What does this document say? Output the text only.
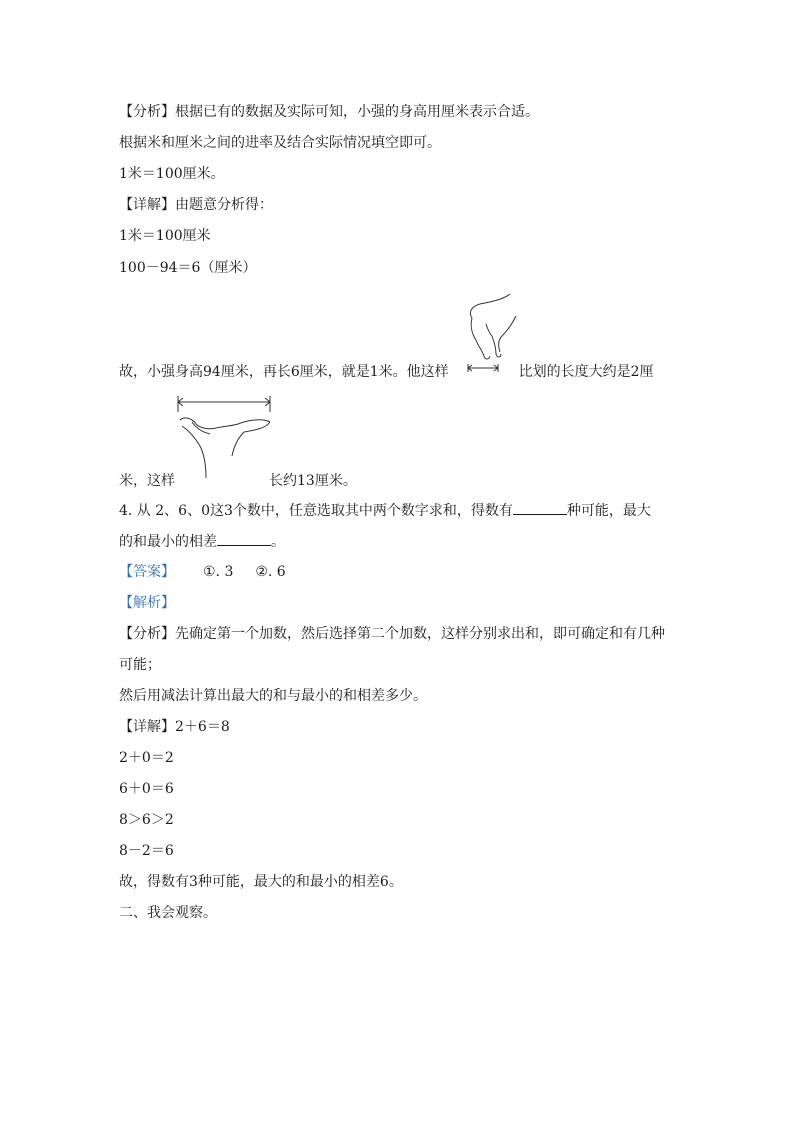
【分析】根据已有的数据及实际可知，小强的身高用厘米表示合适。
根据米和厘米之间的进率及结合实际情况填空即可。
1米＝100厘米。
【详解】由题意分析得：
1米＝100厘米
100－94＝6（厘米）
故，小强身高94厘米，再长6厘米，就是1米。他这样	比划的长度大约是2厘
米，这样	长约13厘米。
4. 从 2、6、0这3个数中，任意选取其中两个数字求和，得数有	种可能，最大
的和最小的相差	。
【答案】 ①. 3 ②. 6
【解析】
【分析】先确定第一个加数，然后选择第二个加数，这样分别求出和，即可确定和有几种
可能；
然后用减法计算出最大的和与最小的和相差多少。
【详解】2＋6＝8
2＋0＝2
6＋0＝6
8＞6＞2
8－2＝6
故，得数有3种可能，最大的和最小的相差6。
二、我会观察。
